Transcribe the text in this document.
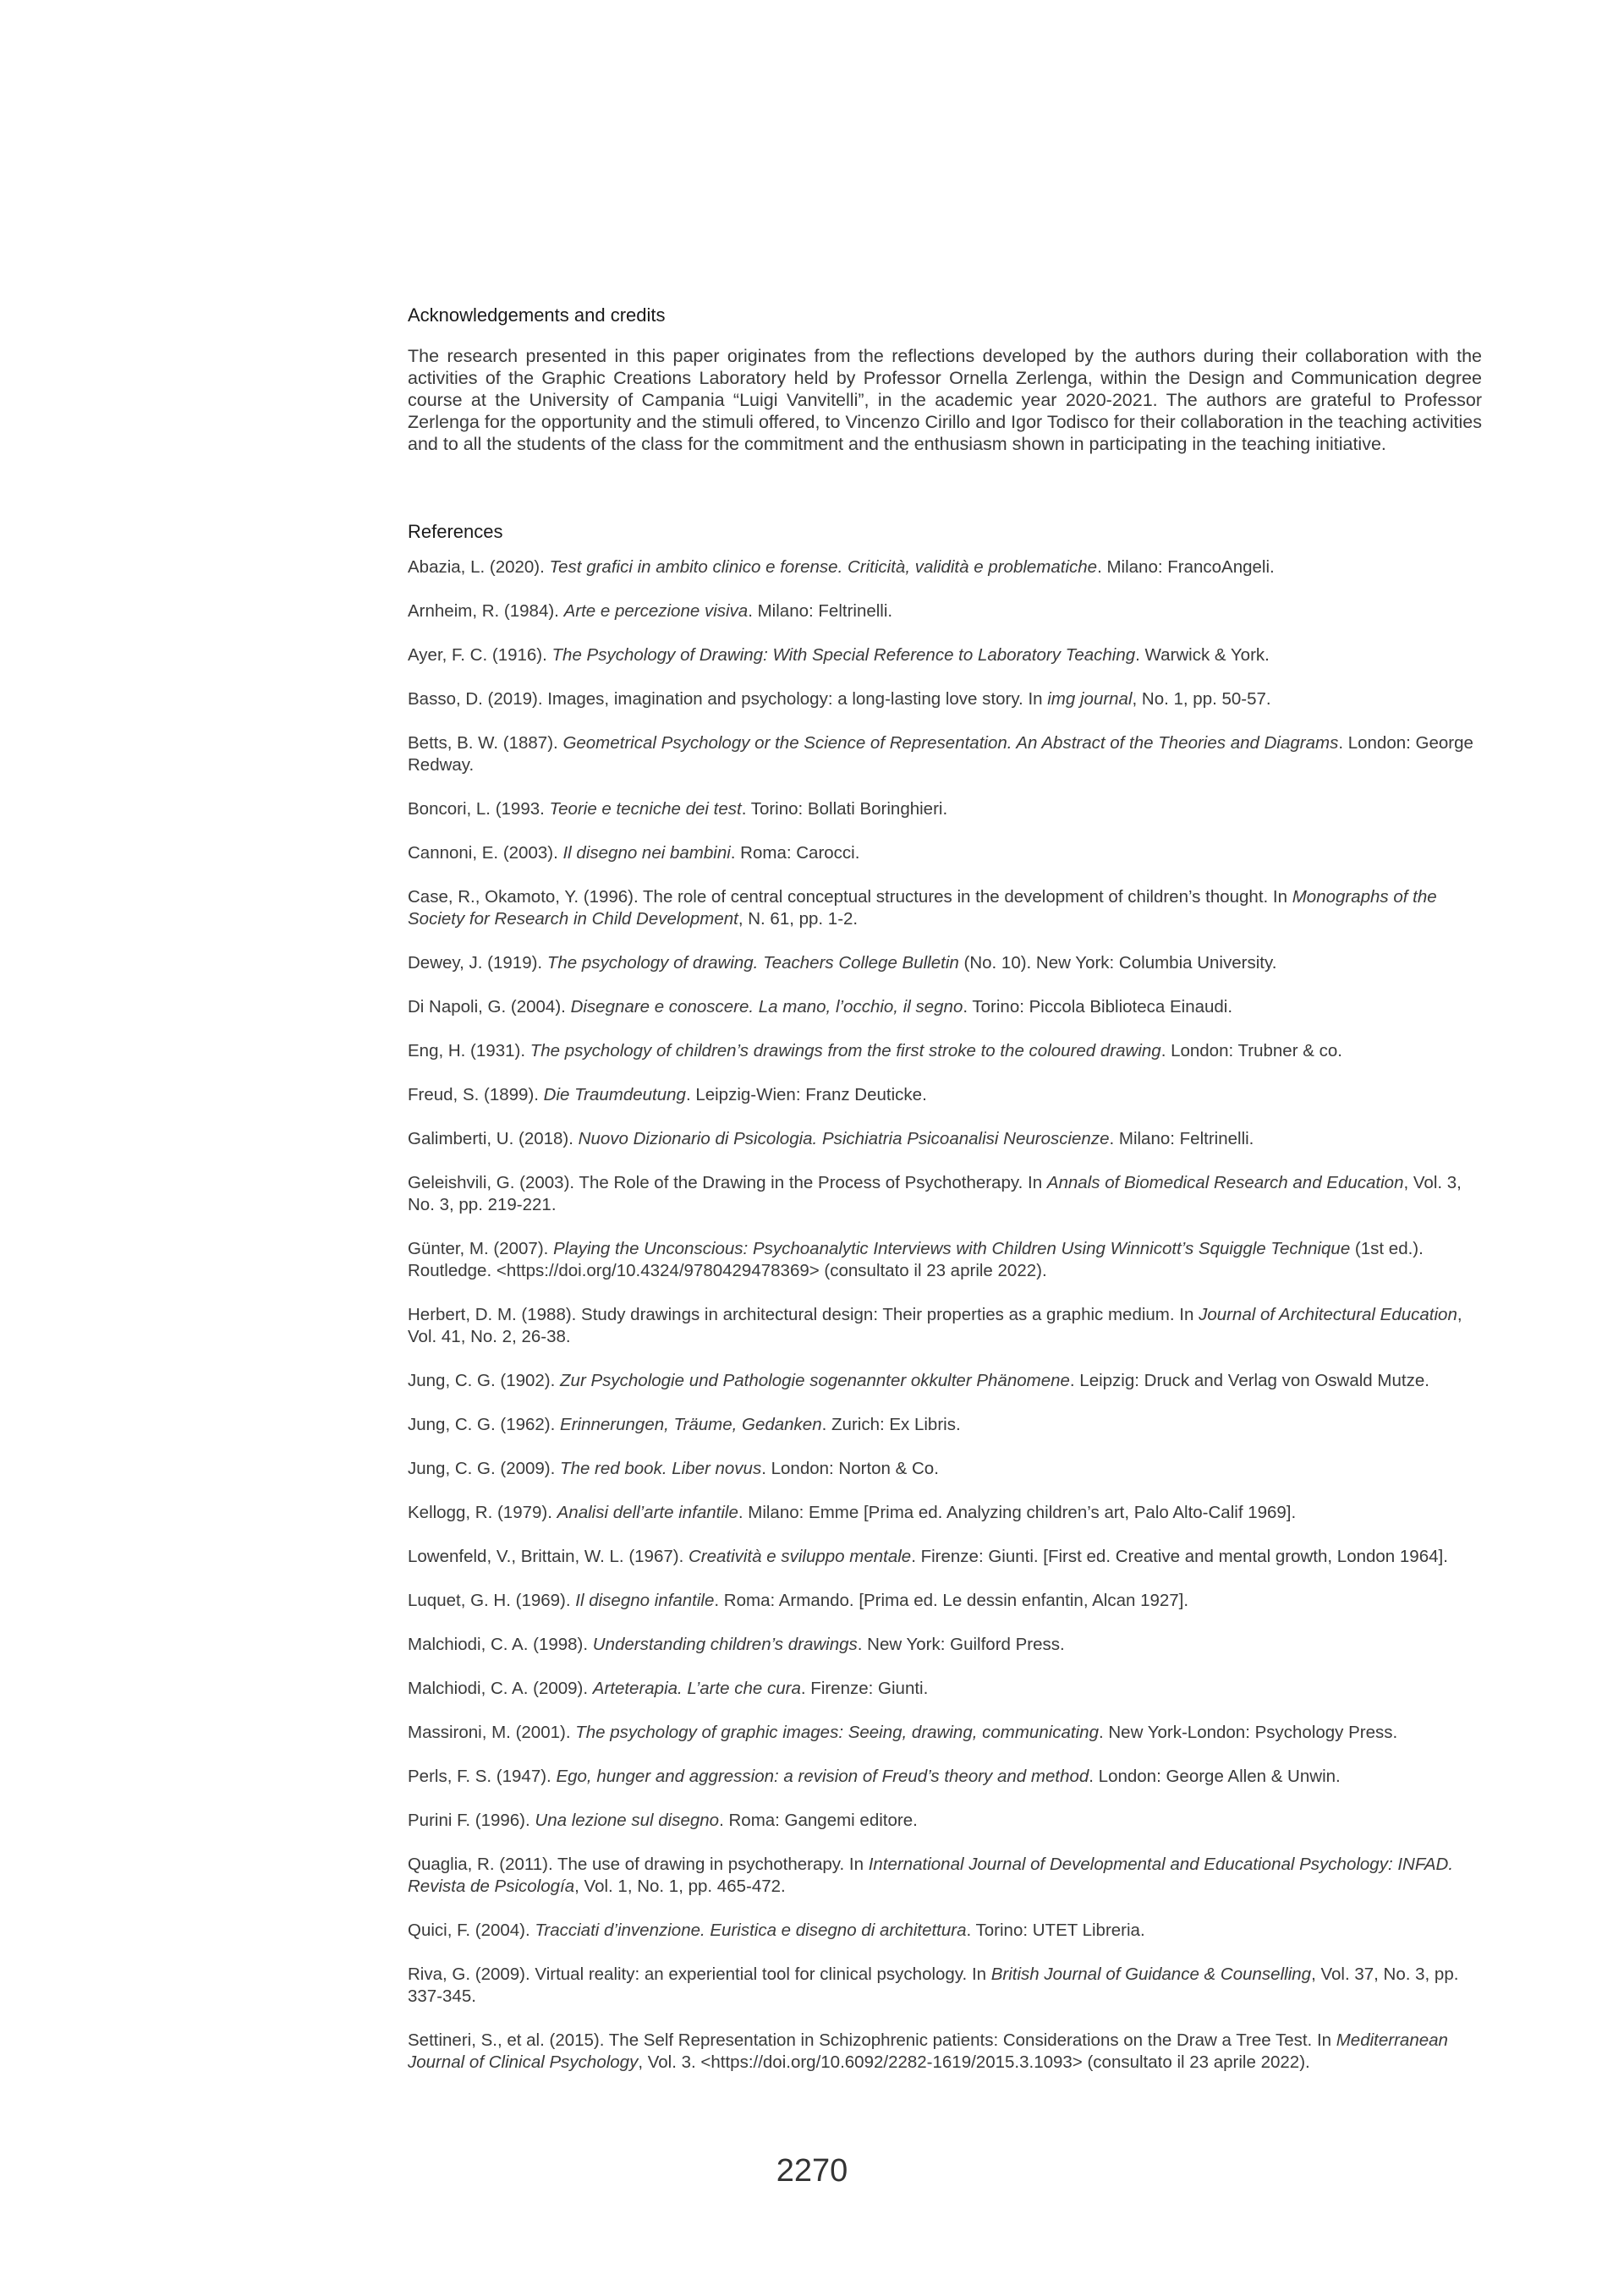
Acknowledgements and credits

The research presented in this paper originates from the reflections developed by the authors during their collaboration with the activities of the Graphic Creations Laboratory held by Professor Ornella Zerlenga, within the Design and Communication degree course at the University of Campania “Luigi Vanvitelli”, in the academic year 2020-2021. The authors are grateful to Professor Zerlenga for the opportunity and the stimuli offered, to Vincenzo Cirillo and Igor Todisco for their collaboration in the teaching activities and to all the students of the class for the commitment and the enthusiasm shown in participating in the teaching initiative.

References

Abazia, L. (2020). Test grafici in ambito clinico e forense. Criticità, validità e problematiche. Milano: FrancoAngeli.

Arnheim, R. (1984). Arte e percezione visiva. Milano: Feltrinelli.

Ayer, F. C. (1916). The Psychology of Drawing: With Special Reference to Laboratory Teaching. Warwick & York.

Basso, D. (2019). Images, imagination and psychology: a long-lasting love story. In img journal, No. 1, pp. 50-57.

Betts, B. W. (1887). Geometrical Psychology or the Science of Representation. An Abstract of the Theories and Diagrams. London: George Redway.

Boncori, L. (1993. Teorie e tecniche dei test. Torino: Bollati Boringhieri.

Cannoni, E. (2003). Il disegno nei bambini. Roma: Carocci.

Case, R., Okamoto, Y. (1996). The role of central conceptual structures in the development of children’s thought. In Monographs of the Society for Research in Child Development, N. 61, pp. 1-2.

Dewey, J. (1919). The psychology of drawing. Teachers College Bulletin (No. 10). New York: Columbia University.

Di Napoli, G. (2004). Disegnare e conoscere. La mano, l’occhio, il segno. Torino: Piccola Biblioteca Einaudi.

Eng, H. (1931). The psychology of children’s drawings from the first stroke to the coloured drawing. London: Trubner & co.

Freud, S. (1899). Die Traumdeutung. Leipzig-Wien: Franz Deuticke.

Galimberti, U. (2018). Nuovo Dizionario di Psicologia. Psichiatria Psicoanalisi Neuroscienze. Milano: Feltrinelli.

Geleishvili, G. (2003). The Role of the Drawing in the Process of Psychotherapy. In Annals of Biomedical Research and Education, Vol. 3, No. 3, pp. 219-221.

Günter, M. (2007). Playing the Unconscious: Psychoanalytic Interviews with Children Using Winnicott’s Squiggle Technique (1st ed.). Routledge. <https://doi.org/10.4324/9780429478369> (consultato il 23 aprile 2022).

Herbert, D. M. (1988). Study drawings in architectural design: Their properties as a graphic medium. In Journal of Architectural Education, Vol. 41, No. 2, 26-38.

Jung, C. G. (1902). Zur Psychologie und Pathologie sogenannter okkulter Phänomene. Leipzig: Druck and Verlag von Oswald Mutze.

Jung, C. G. (1962). Erinnerungen, Träume, Gedanken. Zurich: Ex Libris.

Jung, C. G. (2009). The red book. Liber novus. London: Norton & Co.

Kellogg, R. (1979). Analisi dell’arte infantile. Milano: Emme [Prima ed. Analyzing children’s art, Palo Alto-Calif 1969].

Lowenfeld, V., Brittain, W. L. (1967). Creatività e sviluppo mentale. Firenze: Giunti. [First ed. Creative and mental growth, London 1964].

Luquet, G. H. (1969). Il disegno infantile. Roma: Armando. [Prima ed. Le dessin enfantin, Alcan 1927].

Malchiodi, C. A. (1998). Understanding children’s drawings. New York: Guilford Press.

Malchiodi, C. A. (2009). Arteterapia. L’arte che cura. Firenze: Giunti.

Massironi, M. (2001). The psychology of graphic images: Seeing, drawing, communicating. New York-London: Psychology Press.

Perls, F. S. (1947). Ego, hunger and aggression: a revision of Freud’s theory and method. London: George Allen & Unwin.

Purini F. (1996). Una lezione sul disegno. Roma: Gangemi editore.

Quaglia, R. (2011). The use of drawing in psychotherapy. In International Journal of Developmental and Educational Psychology: INFAD. Revista de Psicología, Vol. 1, No. 1, pp. 465-472.

Quici, F. (2004). Tracciati d’invenzione. Euristica e disegno di architettura. Torino: UTET Libreria.

Riva, G. (2009). Virtual reality: an experiential tool for clinical psychology. In British Journal of Guidance & Counselling, Vol. 37, No. 3, pp. 337-345.

Settineri, S., et al. (2015). The Self Representation in Schizophrenic patients: Considerations on the Draw a Tree Test. In Mediterranean Journal of Clinical Psychology, Vol. 3. <https://doi.org/10.6092/2282-1619/2015.3.1093> (consultato il 23 aprile 2022).

2270
